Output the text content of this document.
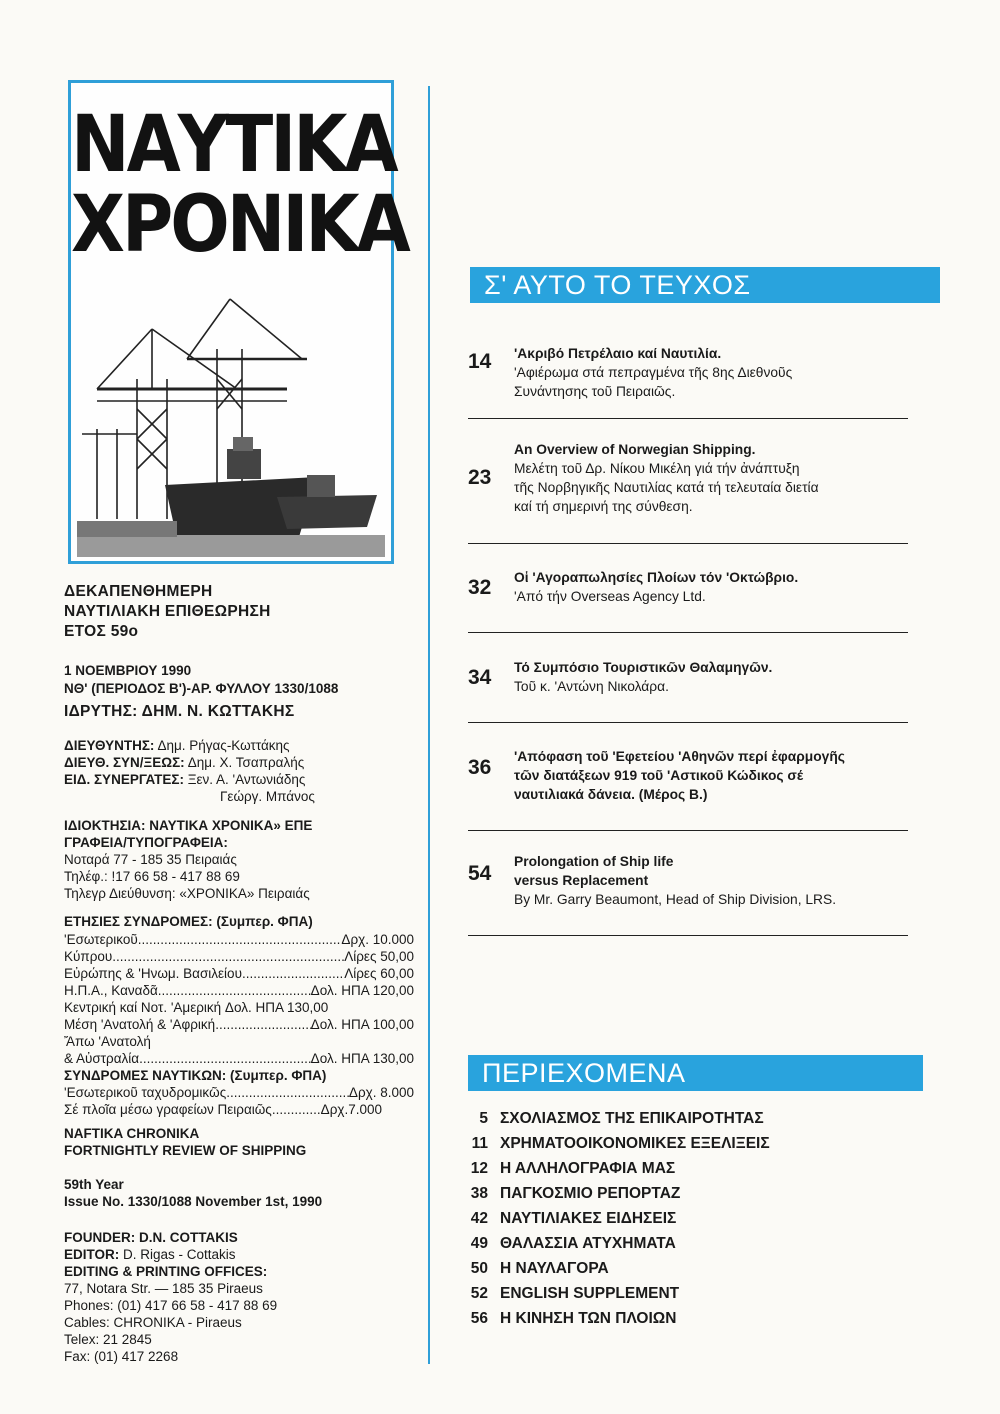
ΝΑΥΤΙΚΑ
ΧΡΟΝΙΚΑ
ΔΕΚΑΠΕΝΘΗΜΕΡΗ
ΝΑΥΤΙΛΙΑΚΗ ΕΠΙΘΕΩΡΗΣΗ
ΕΤΟΣ 59ο
1 ΝΟΕΜΒΡΙΟΥ 1990
ΝΘ' (ΠΕΡΙΟΔΟΣ Β')-ΑΡ. ΦΥΛΛΟΥ 1330/1088
ΙΔΡΥΤΗΣ: ΔΗΜ. Ν. ΚΩΤΤΑΚΗΣ
ΔΙΕΥΘΥΝΤΗΣ: Δημ. Ρήγας-Κωττάκης
ΔΙΕΥΘ. ΣΥΝ/ΞΕΩΣ: Δημ. Χ. Τσαπραλής
ΕΙΔ. ΣΥΝΕΡΓΑΤΕΣ: Ξεν. Α. 'Αντωνιάδης
Γεώργ. Μπάνος
ΙΔΙΟΚΤΗΣΙΑ: ΝΑΥΤΙΚΑ ΧΡΟΝΙΚΑ» ΕΠΕ
ΓΡΑΦΕΙΑ/ΤΥΠΟΓΡΑΦΕΙΑ:
Νοταρά 77 - 185 35 Πειραιάς
Τηλέφ.: !17 66 58 - 417 88 69
Τηλεγρ Διεύθυνση: «ΧΡΟΝΙΚΑ» Πειραιάς
ΕΤΗΣΙΕΣ ΣΥΝΔΡΟΜΕΣ: (Συμπερ. ΦΠΑ)
'Εσωτερικοῦ .....	Δρχ. 10.000
Κύπρου .....	Λίρες 50,00
Εὐρώπης & 'Ηνωμ. Βασιλείου .....	Λίρες 60,00
Η.Π.Α., Καναδᾶ .....	Δολ. ΗΠΑ 120,00
Κεντρική καί Νοτ. 'Αμερική
Δολ. ΗΠΑ 130,00
Μέση 'Ανατολή & 'Αφρική .....	Δολ. ΗΠΑ 100,00
Ἄπω 'Ανατολή
& Αὐστραλία .....	Δολ. ΗΠΑ 130,00
ΣΥΝΔΡΟΜΕΣ ΝΑΥΤΙΚΩΝ: (Συμπερ. ΦΠΑ)
'Εσωτερικοῦ ταχυδρομικῶς .....	Δρχ. 8.000
Σέ πλοῖα μέσω γραφείων Πειραιῶς .....	Δρχ.7.000
NAFTIKA CHRONIKA
FORTNIGHTLY REVIEW OF SHIPPING
59th Year
Issue No. 1330/1088 November 1st, 1990
FOUNDER: D.N. COTTAKIS
EDITOR: D. Rigas - Cottakis
EDITING & PRINTING OFFICES:
77, Notara Str. — 185 35 Piraeus
Phones: (01) 417 66 58 - 417 88 69
Cables: CHRONIKA - Piraeus
Telex: 21 2845
Fax: (01) 417 2268
Σ' ΑΥΤΟ ΤΟ ΤΕΥΧΟΣ
14 'Ακριβό Πετρέλαιο καί Ναυτιλία.
'Αφιέρωμα στά πεπραγμένα τῆς 8ης Διεθνοῦς
Συνάντησης τοῦ Πειραιῶς.
23
An Overview of Norwegian Shipping.
Μελέτη τοῦ Δρ. Νίκου Μικέλη γιά τήν ἀνάπτυξη
τῆς Νορβηγικῆς Ναυτιλίας κατά τή τελευταία διετία
καί τή σημερινή της σύνθεση.
32 Οἱ 'Αγοραπωλησίες Πλοίων τόν 'Οκτώβριο.
'Από τήν Overseas Agency Ltd.
34 Τό Συμπόσιο Τουριστικῶν Θαλαμηγῶν.
Τοῦ κ. 'Αντώνη Νικολάρα.
36 'Απόφαση τοῦ 'Εφετείου 'Αθηνῶν περί ἐφαρμογῆς
τῶν διατάξεων 919 τοῦ 'Αστικοῦ Κώδικος σέ
ναυτιλιακά δάνεια. (Μέρος Β.)
54
Prolongation of Ship life
versus Replacement
By Mr. Garry Beaumont, Head of Ship Division, LRS.
ΠΕΡΙΕΧΟΜΕΝΑ
5 ΣΧΟΛΙΑΣΜΟΣ ΤΗΣ ΕΠΙΚΑΙΡΟΤΗΤΑΣ
11 ΧΡΗΜΑΤΟΟΙΚΟΝΟΜΙΚΕΣ ΕΞΕΛΙΞΕΙΣ
12 Η ΑΛΛΗΛΟΓΡΑΦΙΑ ΜΑΣ
38 ΠΑΓΚΟΣΜΙΟ ΡΕΠΟΡΤΑΖ
42 ΝΑΥΤΙΛΙΑΚΕΣ ΕΙΔΗΣΕΙΣ
49 ΘΑΛΑΣΣΙΑ ΑΤΥΧΗΜΑΤΑ
50 Η ΝΑΥΛΑΓΟΡΑ
52 ENGLISH SUPPLEMENT
56 Η ΚΙΝΗΣΗ ΤΩΝ ΠΛΟΙΩΝ
